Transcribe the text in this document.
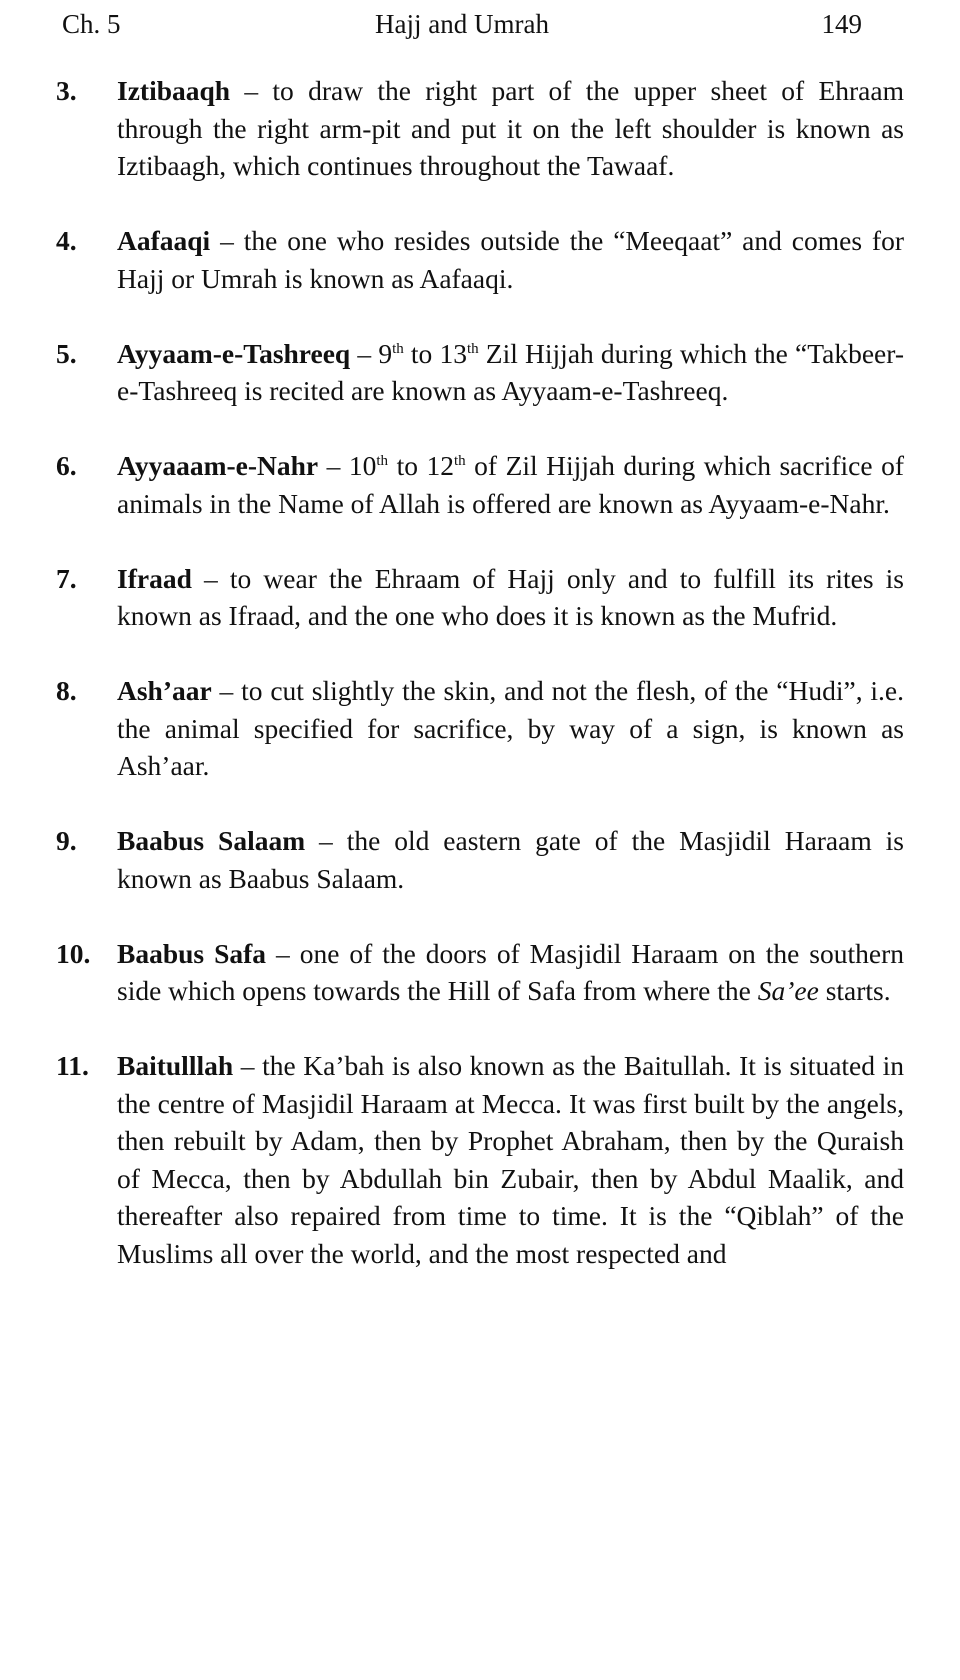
Ch. 5	Hajj and Umrah	149
3. Iztibaaqh – to draw the right part of the upper sheet of Ehraam through the right arm-pit and put it on the left shoulder is known as Iztibaagh, which continues throughout the Tawaaf.
4. Aafaaqi – the one who resides outside the “Meeqaat” and comes for Hajj or Umrah is known as Aafaaqi.
5. Ayyaam-e-Tashreeq – 9th to 13th Zil Hijjah during which the “Takbeer-e-Tashreeq is recited are known as Ayyaam-e-Tashreeq.
6. Ayyaaam-e-Nahr – 10th to 12th of Zil Hijjah during which sacrifice of animals in the Name of Allah is offered are known as Ayyaam-e-Nahr.
7. Ifraad – to wear the Ehraam of Hajj only and to fulfill its rites is known as Ifraad, and the one who does it is known as the Mufrid.
8. Ash’aar – to cut slightly the skin, and not the flesh, of the “Hudi”, i.e. the animal specified for sacrifice, by way of a sign, is known as Ash’aar.
9. Baabus Salaam – the old eastern gate of the Masjidil Haraam is known as Baabus Salaam.
10. Baabus Safa – one of the doors of Masjidil Haraam on the southern side which opens towards the Hill of Safa from where the Sa’ee starts.
11. Baitulllah – the Ka’bah is also known as the Baitullah. It is situated in the centre of Masjidil Haraam at Mecca. It was first built by the angels, then rebuilt by Adam, then by Prophet Abraham, then by the Quraish of Mecca, then by Abdullah bin Zubair, then by Abdul Maalik, and thereafter also repaired from time to time. It is the “Qiblah” of the Muslims all over the world, and the most respected and
